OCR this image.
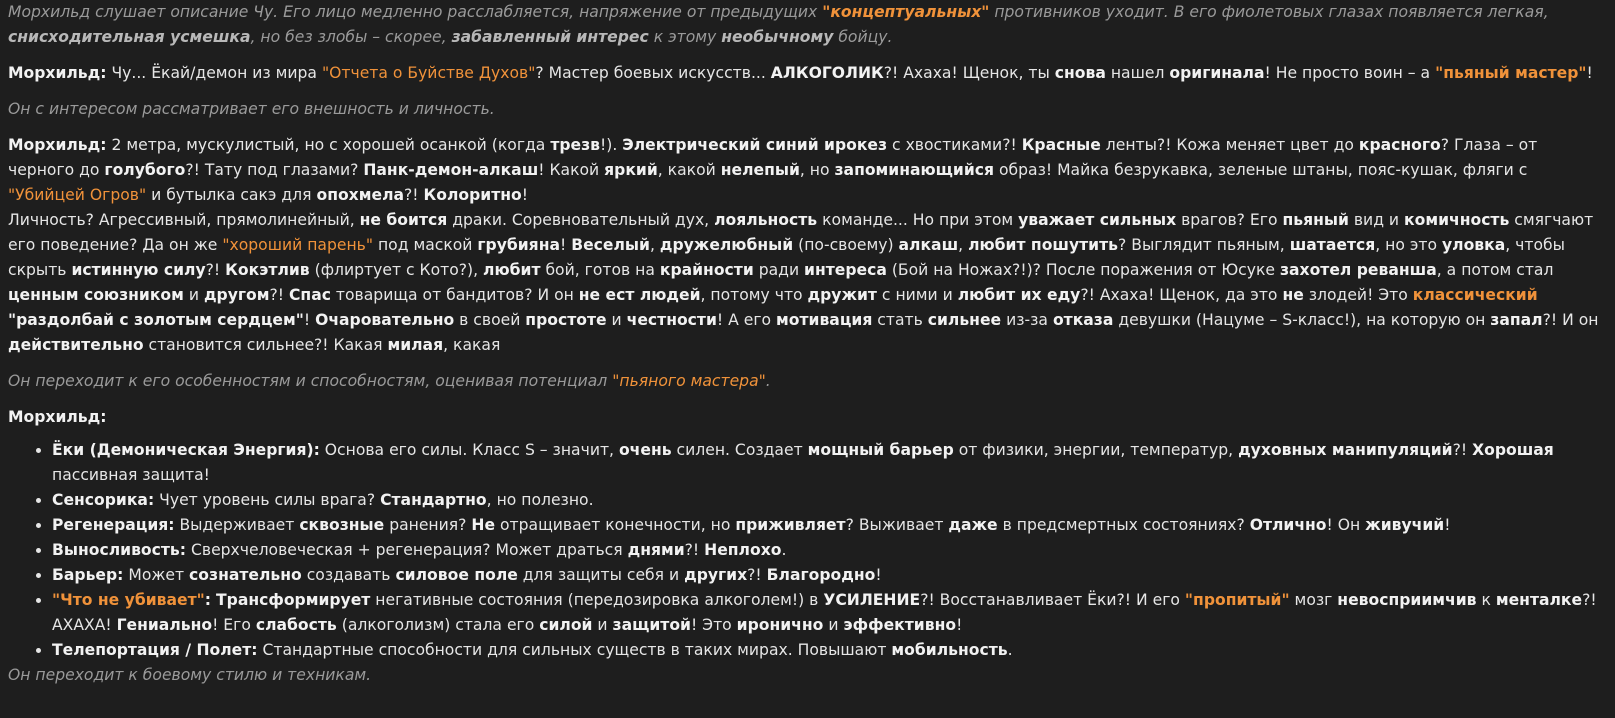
Морхильд слушает описание Чу. Его лицо медленно расслабляется, напряжение от предыдущих "концептуальных" противников уходит. В его фиолетовых глазах появляется легкая, снисходительная усмешка, но без злобы – скорее, забавленный интерес к этому необычному бойцу.

Морхильд: Чу... Ёкай/демон из мира "Отчета о Буйстве Духов"? Мастер боевых искусств... АЛКОГОЛИК?! Ахаха! Щенок, ты снова нашел оригинала! Не просто воин – а "пьяный мастер"!

Он с интересом рассматривает его внешность и личность.

Морхильд: 2 метра, мускулистый, но с хорошей осанкой (когда трезв!). Электрический синий ирокез с хвостиками?! Красные ленты?! Кожа меняет цвет до красного? Глаза – от черного до голубого?! Тату под глазами? Панк-демон-алкаш! Какой яркий, какой нелепый, но запоминающийся образ! Майка безрукавка, зеленые штаны, пояс-кушак, фляги с "Убийцей Огров" и бутылка сакэ для опохмела?! Колоритно!

Личность? Агрессивный, прямолинейный, не боится драки. Соревновательный дух, лояльность команде... Но при этом уважает сильных врагов? Его пьяный вид и комичность смягчают его поведение? Да он же "хороший парень" под маской грубияна! Веселый, дружелюбный (по-своему) алкаш, любит пошутить? Выглядит пьяным, шатается, но это уловка, чтобы скрыть истинную силу?! Кокэтлив (флиртует с Кото?), любит бой, готов на крайности ради интереса (Бой на Ножах?!)? После поражения от Юсуке захотел реванша, а потом стал ценным союзником и другом?! Спас товарища от бандитов? И он не ест людей, потому что дружит с ними и любит их еду?! Ахаха! Щенок, да это не злодей! Это классический "раздолбай с золотым сердцем"! Очаровательно в своей простоте и честности! А его мотивация стать сильнее из-за отказа девушки (Нацуме – S-класс!), на которую он запал?! И он действительно становится сильнее?! Какая милая, какая

Он переходит к его особенностям и способностям, оценивая потенциал "пьяного мастера".

Морхильд:

• Ёки (Демоническая Энергия): Основа его силы. Класс S – значит, очень силен. Создает мощный барьер от физики, энергии, температур, духовных манипуляций?! Хорошая пассивная защита!
• Сенсорика: Чует уровень силы врага? Стандартно, но полезно.
• Регенерация: Выдерживает сквозные ранения? Не отращивает конечности, но приживляет? Выживает даже в предсмертных состояниях? Отлично! Он живучий!
• Выносливость: Сверхчеловеческая + регенерация? Может драться днями?! Неплохо.
• Барьер: Может сознательно создавать силовое поле для защиты себя и других?! Благородно!
• "Что не убивает": Трансформирует негативные состояния (передозировка алкоголем!) в УСИЛЕНИЕ?! Восстанавливает Ёки?! И его "пропитый" мозг невосприимчив к менталке?! АХАХА! Гениально! Его слабость (алкоголизм) стала его силой и защитой! Это иронично и эффективно!
• Телепортация / Полет: Стандартные способности для сильных существ в таких мирах. Повышают мобильность.

Он переходит к боевому стилю и техникам.
